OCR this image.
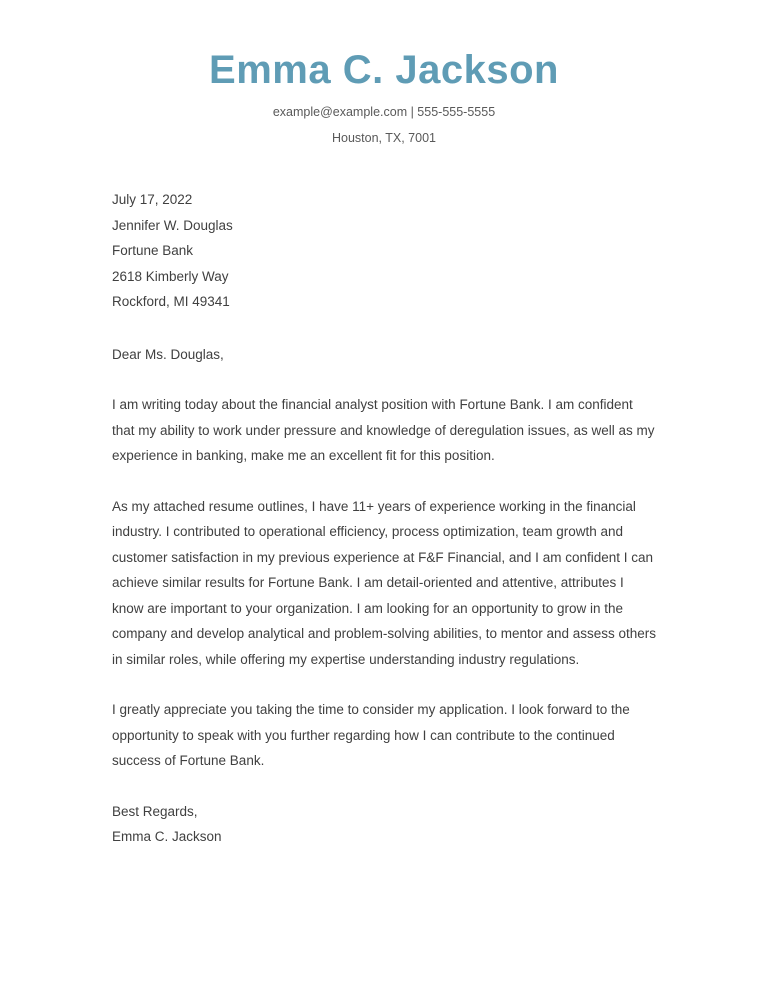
Emma C. Jackson
example@example.com | 555-555-5555
Houston, TX, 7001
July 17, 2022
Jennifer W. Douglas
Fortune Bank
2618 Kimberly Way
Rockford, MI 49341
Dear Ms. Douglas,
I am writing today about the financial analyst position with Fortune Bank. I am confident that my ability to work under pressure and knowledge of deregulation issues, as well as my experience in banking, make me an excellent fit for this position.
As my attached resume outlines, I have 11+ years of experience working in the financial industry. I contributed to operational efficiency, process optimization, team growth and customer satisfaction in my previous experience at F&F Financial, and I am confident I can achieve similar results for Fortune Bank. I am detail-oriented and attentive, attributes I know are important to your organization. I am looking for an opportunity to grow in the company and develop analytical and problem-solving abilities, to mentor and assess others in similar roles, while offering my expertise understanding industry regulations.
I greatly appreciate you taking the time to consider my application. I look forward to the opportunity to speak with you further regarding how I can contribute to the continued success of Fortune Bank.
Best Regards,
Emma C. Jackson
